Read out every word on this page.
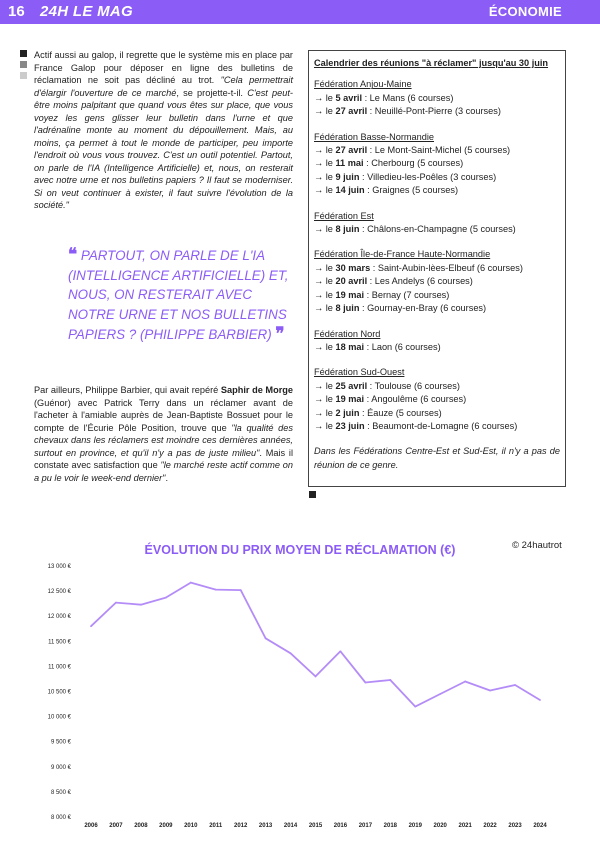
16 24H LE MAG	ÉCONOMIE
Actif aussi au galop, il regrette que le système mis en place par France Galop pour déposer en ligne des bulletins de réclamation ne soit pas décliné au trot. "Cela permettrait d'élargir l'ouverture de ce marché, se projette-t-il. C'est peut-être moins palpitant que quand vous êtes sur place, que vous voyez les gens glisser leur bulletin dans l'urne et que l'adrénaline monte au moment du dépouillement. Mais, au moins, ça permet à tout le monde de participer, peu importe l'endroit où vous vous trouvez. C'est un outil potentiel. Partout, on parle de l'IA (Intelligence Artificielle) et, nous, on resterait avec notre urne et nos bulletins papiers ? Il faut se moderniser. Si on veut continuer à exister, il faut suivre l'évolution de la société."
❝ PARTOUT, ON PARLE DE L'IA (INTELLIGENCE ARTIFICIELLE) ET, NOUS, ON RESTERAIT AVEC NOTRE URNE ET NOS BULLETINS PAPIERS ? (PHILIPPE BARBIER) ❞
Par ailleurs, Philippe Barbier, qui avait repéré Saphir de Morge (Guénor) avec Patrick Terry dans un réclamer avant de l'acheter à l'amiable auprès de Jean-Baptiste Bossuet pour le compte de l'Écurie Pôle Position, trouve que "la qualité des chevaux dans les réclamers est moindre ces dernières années, surtout en province, et qu'il n'y a pas de juste milieu". Mais il constate avec satisfaction que "le marché reste actif comme on a pu le voir le week-end dernier".
Calendrier des réunions "à réclamer" jusqu'au 30 juin
Fédération Anjou-Maine
→ le 5 avril : Le Mans (6 courses)
→ le 27 avril : Neuillé-Pont-Pierre (3 courses)
Fédération Basse-Normandie
→ le 27 avril : Le Mont-Saint-Michel (5 courses)
→ le 11 mai : Cherbourg (5 courses)
→ le 9 juin : Villedieu-les-Poêles (3 courses)
→ le 14 juin : Graignes (5 courses)
Fédération Est
→ le 8 juin : Châlons-en-Champagne (5 courses)
Fédération Île-de-France Haute-Normandie
→ le 30 mars : Saint-Aubin-lèes-Elbeuf (6 courses)
→ le 20 avril : Les Andelys (6 courses)
→ le 19 mai : Bernay (7 courses)
→ le 8 juin : Gournay-en-Bray (6 courses)
Fédération Nord
→ le 18 mai : Laon (6 courses)
Fédération Sud-Ouest
→ le 25 avril : Toulouse (6 courses)
→ le 19 mai : Angoulême (6 courses)
→ le 2 juin : Éauze (5 courses)
→ le 23 juin : Beaumont-de-Lomagne (6 courses)
Dans les Fédérations Centre-Est et Sud-Est, il n'y a pas de réunion de ce genre.
© 24hautrot
ÉVOLUTION DU PRIX MOYEN DE RÉCLAMATION (€)
8 000 €
8 500 €
9 000 €
9 500 €
10 000 €
10 500 €
11 000 €
11 500 €
12 000 €
12 500 €
13 000 €
2006 2007 2008 2009 2010 2011 2012 2013 2014 2015 2016 2017 2018 2019 2020 2021 2022 2023 2024
